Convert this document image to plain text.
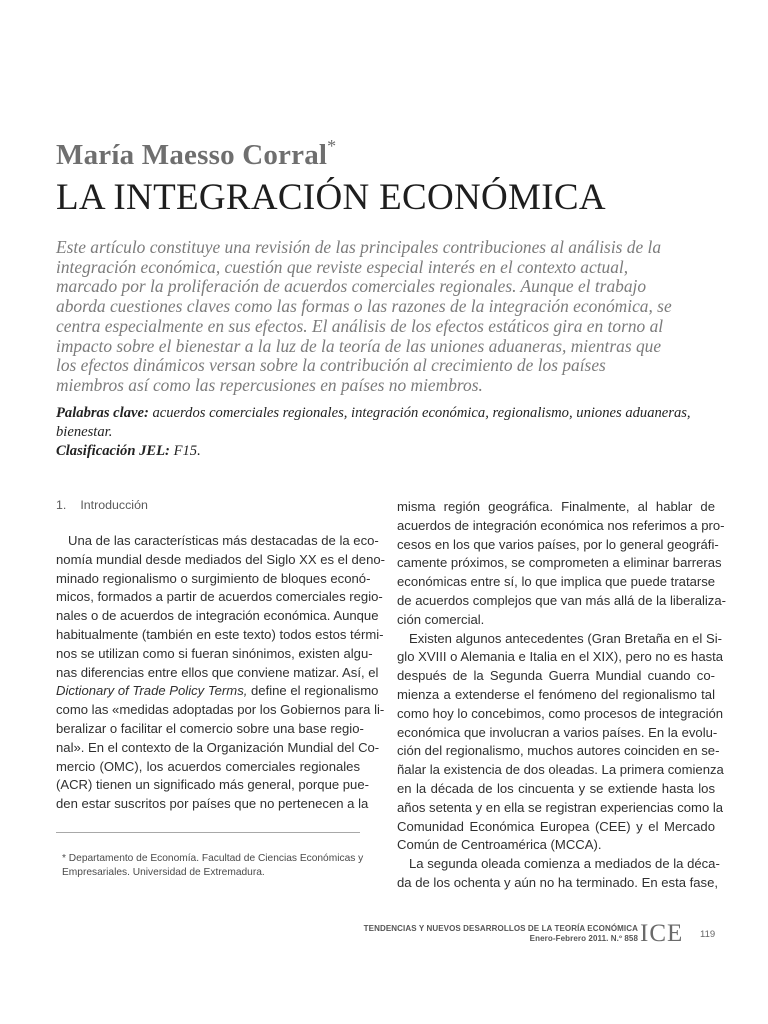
María Maesso Corral*
LA INTEGRACIÓN ECONÓMICA
Este artículo constituye una revisión de las principales contribuciones al análisis de la
integración económica, cuestión que reviste especial interés en el contexto actual,
marcado por la proliferación de acuerdos comerciales regionales. Aunque el trabajo
aborda cuestiones claves como las formas o las razones de la integración económica, se
centra especialmente en sus efectos. El análisis de los efectos estáticos gira en torno al
impacto sobre el bienestar a la luz de la teoría de las uniones aduaneras, mientras que
los efectos dinámicos versan sobre la contribución al crecimiento de los países
miembros así como las repercusiones en países no miembros.
Palabras clave: acuerdos comerciales regionales, integración económica, regionalismo, uniones aduaneras,
bienestar.
Clasificación JEL: F15.
1. Introducción
Una de las características más destacadas de la eco-
nomía mundial desde mediados del Siglo XX es el deno-
minado regionalismo o surgimiento de bloques econó-
micos, formados a partir de acuerdos comerciales regio-
nales o de acuerdos de integración económica. Aunque
habitualmente (también en este texto) todos estos térmi-
nos se utilizan como si fueran sinónimos, existen algu-
nas diferencias entre ellos que conviene matizar. Así, el
Dictionary of Trade Policy Terms, define el regionalismo
como las «medidas adoptadas por los Gobiernos para li-
beralizar o facilitar el comercio sobre una base regio-
nal». En el contexto de la Organización Mundial del Co-
mercio (OMC), los acuerdos comerciales regionales
(ACR) tienen un significado más general, porque pue-
den estar suscritos por países que no pertenecen a la
misma región geográfica. Finalmente, al hablar de
acuerdos de integración económica nos referimos a pro-
cesos en los que varios países, por lo general geográfi-
camente próximos, se comprometen a eliminar barreras
económicas entre sí, lo que implica que puede tratarse
de acuerdos complejos que van más allá de la liberaliza-
ción comercial.
Existen algunos antecedentes (Gran Bretaña en el Si-
glo XVIII o Alemania e Italia en el XIX), pero no es hasta
después de la Segunda Guerra Mundial cuando co-
mienza a extenderse el fenómeno del regionalismo tal
como hoy lo concebimos, como procesos de integración
económica que involucran a varios países. En la evolu-
ción del regionalismo, muchos autores coinciden en se-
ñalar la existencia de dos oleadas. La primera comienza
en la década de los cincuenta y se extiende hasta los
años setenta y en ella se registran experiencias como la
Comunidad Económica Europea (CEE) y el Mercado
Común de Centroamérica (MCCA).
La segunda oleada comienza a mediados de la déca-
da de los ochenta y aún no ha terminado. En esta fase,
* Departamento de Economía. Facultad de Ciencias Económicas y
Empresariales. Universidad de Extremadura.
TENDENCIAS Y NUEVOS DESARROLLOS DE LA TEORÍA ECONÓMICA
Enero-Febrero 2011. N.º 858 ICE 119
